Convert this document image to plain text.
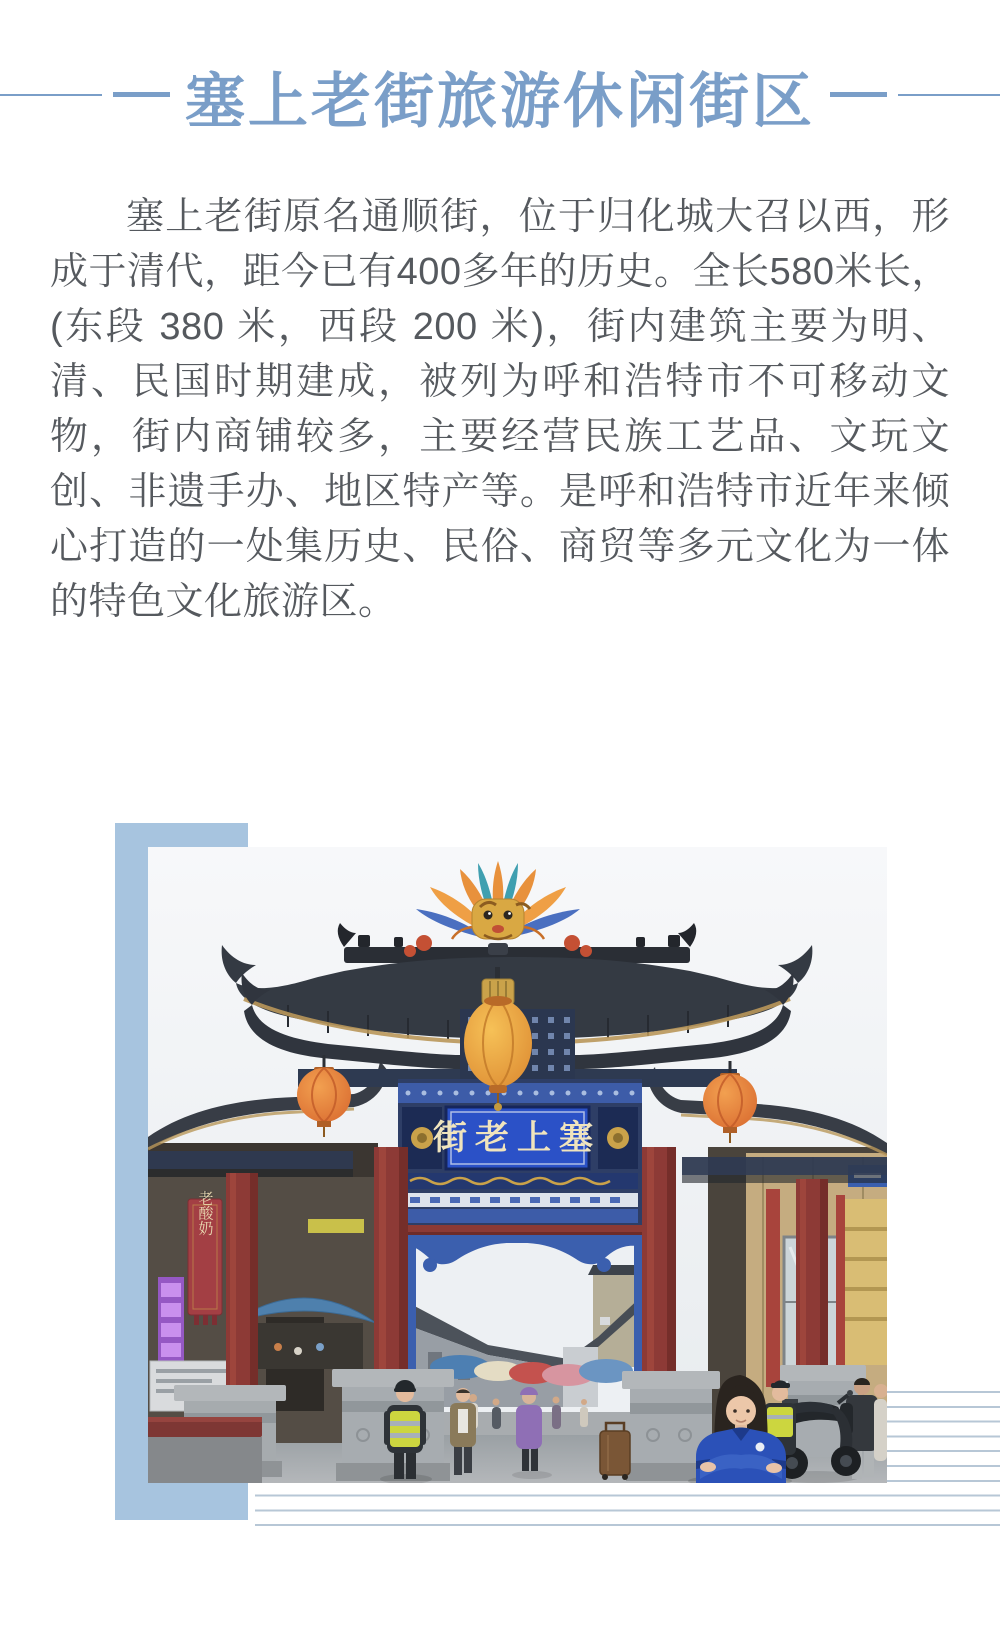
塞上老街旅游休闲街区

塞上老街原名通顺街，位于归化城大召以西，形成于清代，距今已有400多年的历史。全长580米长，(东段 380 米，西段 200 米)，街内建筑主要为明、清、民国时期建成，被列为呼和浩特市不可移动文物，街内商铺较多，主要经营民族工艺品、文玩文创、非遗手办、地区特产等。是呼和浩特市近年来倾心打造的一处集历史、民俗、商贸等多元文化为一体的特色文化旅游区。

老酸奶
街老上塞
